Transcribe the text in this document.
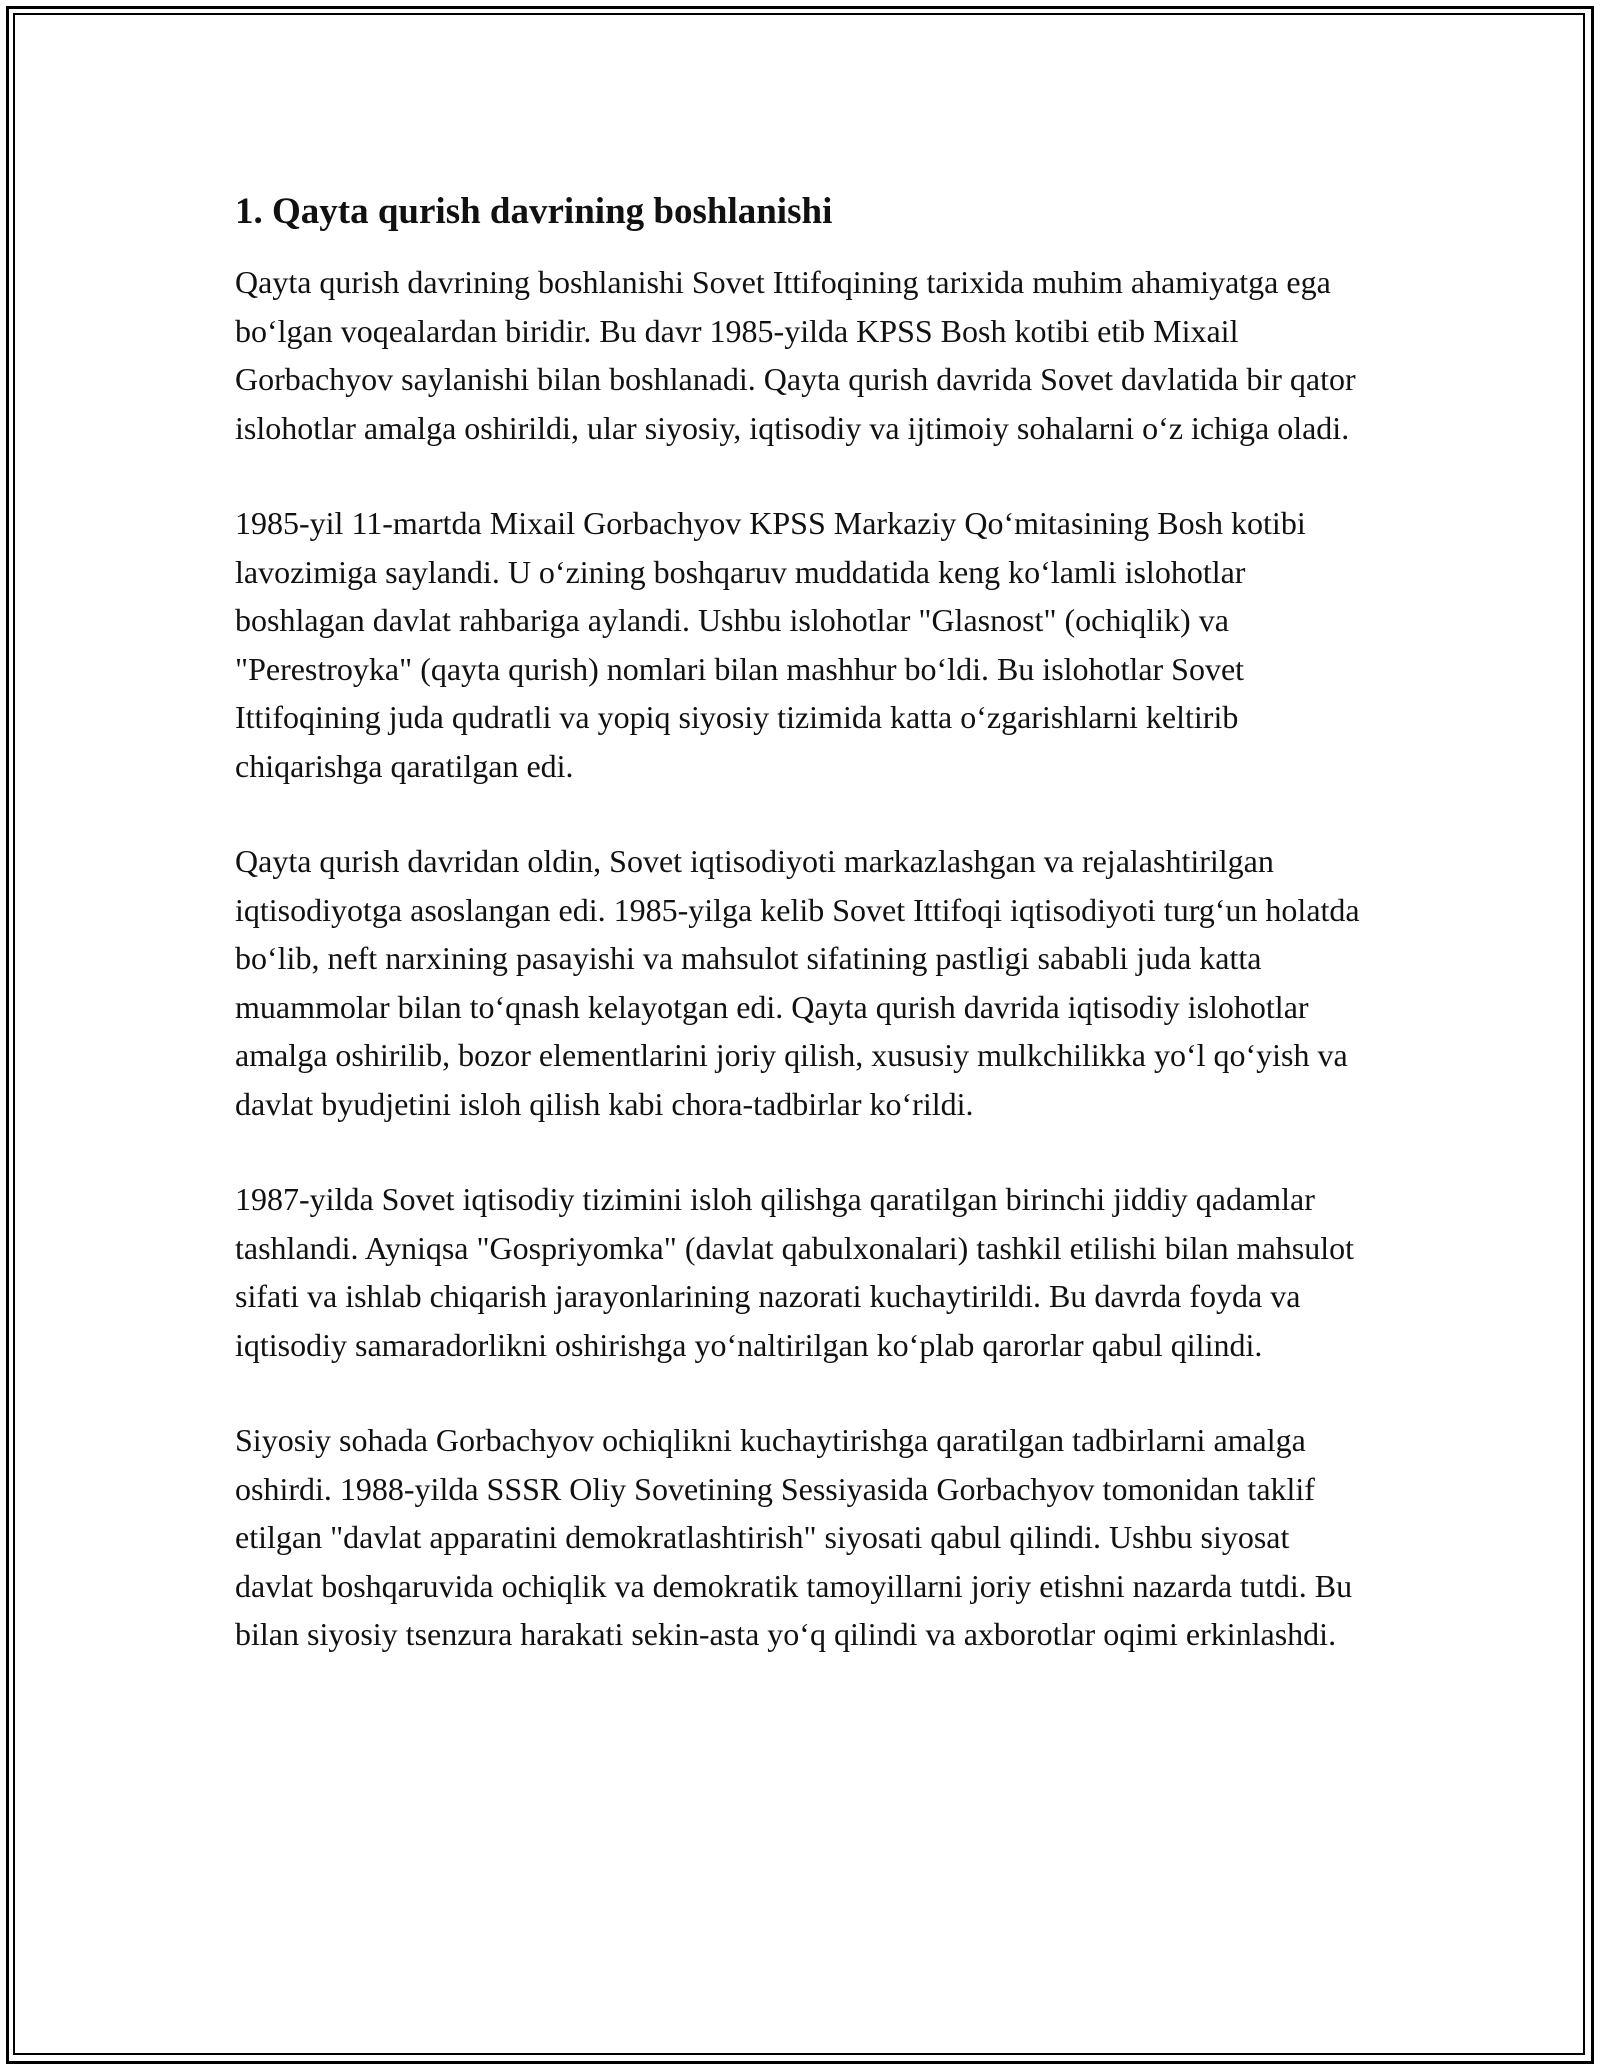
1. Qayta qurish davrining boshlanishi

Qayta qurish davrining boshlanishi Sovet Ittifoqining tarixida muhim ahamiyatga ega bo‘lgan voqealardan biridir. Bu davr 1985-yilda KPSS Bosh kotibi etib Mixail Gorbachyov saylanishi bilan boshlanadi. Qayta qurish davrida Sovet davlatida bir qator islohotlar amalga oshirildi, ular siyosiy, iqtisodiy va ijtimoiy sohalarni o‘z ichiga oladi.

1985-yil 11-martda Mixail Gorbachyov KPSS Markaziy Qo‘mitasining Bosh kotibi lavozimiga saylandi. U o‘zining boshqaruv muddatida keng ko‘lamli islohotlar boshlagan davlat rahbariga aylandi. Ushbu islohotlar "Glasnost" (ochiqlik) va "Perestroyka" (qayta qurish) nomlari bilan mashhur bo‘ldi. Bu islohotlar Sovet Ittifoqining juda qudratli va yopiq siyosiy tizimida katta o‘zgarishlarni keltirib chiqarishga qaratilgan edi.

Qayta qurish davridan oldin, Sovet iqtisodiyoti markazlashgan va rejalashtirilgan iqtisodiyotga asoslangan edi. 1985-yilga kelib Sovet Ittifoqi iqtisodiyoti turg‘un holatda bo‘lib, neft narxining pasayishi va mahsulot sifatining pastligi sababli juda katta muammolar bilan to‘qnash kelayotgan edi. Qayta qurish davrida iqtisodiy islohotlar amalga oshirilib, bozor elementlarini joriy qilish, xususiy mulkchilikka yo‘l qo‘yish va davlat byudjetini isloh qilish kabi chora-tadbirlar ko‘rildi.

1987-yilda Sovet iqtisodiy tizimini isloh qilishga qaratilgan birinchi jiddiy qadamlar tashlandi. Ayniqsa "Gospriyomka" (davlat qabulxonalari) tashkil etilishi bilan mahsulot sifati va ishlab chiqarish jarayonlarining nazorati kuchaytirildi. Bu davrda foyda va iqtisodiy samaradorlikni oshirishga yo‘naltirilgan ko‘plab qarorlar qabul qilindi.

Siyosiy sohada Gorbachyov ochiqlikni kuchaytirishga qaratilgan tadbirlarni amalga oshirdi. 1988-yilda SSSR Oliy Sovetining Sessiyasida Gorbachyov tomonidan taklif etilgan "davlat apparatini demokratlashtirish" siyosati qabul qilindi. Ushbu siyosat davlat boshqaruvida ochiqlik va demokratik tamoyillarni joriy etishni nazarda tutdi. Bu bilan siyosiy tsenzura harakati sekin-asta yo‘q qilindi va axborotlar oqimi erkinlashdi.
